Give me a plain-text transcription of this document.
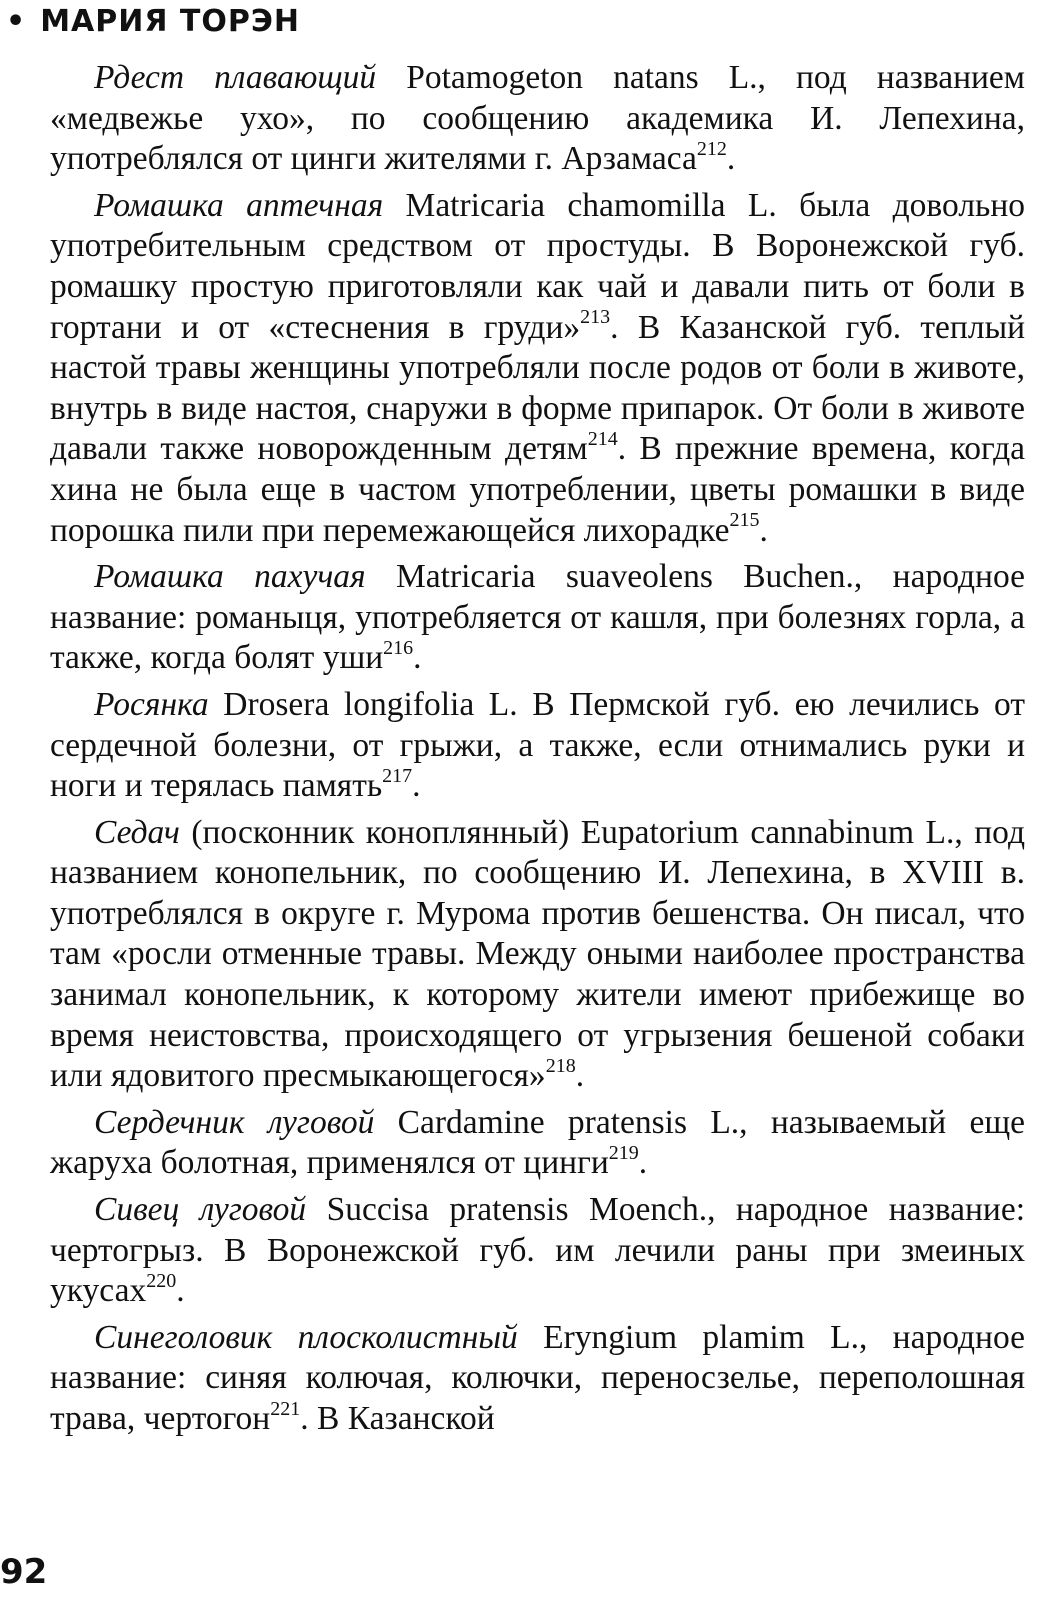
• МАРИЯ ТОРЭН

Рдест плавающий Potamogeton natans L., под названием «медвежье ухо», по сообщению академика И. Лепехина, употреблялся от цинги жителями г. Арзамаса$^{212}$.

Ромашка аптечная Matricaria chamomilla L. была довольно употребительным средством от простуды. В Воронежской губ. ромашку простую приготовляли как чай и давали пить от боли в гортани и от «стеснения в груди»$^{213}$. В Казанской губ. теплый настой травы женщины употребляли после родов от боли в животе, внутрь в виде настоя, снаружи в форме припарок. От боли в животе давали также новорожденным детям$^{214}$. В прежние времена, когда хина не была еще в частом употреблении, цветы ромашки в виде порошка пили при перемежающейся лихорадке$^{215}$.

Ромашка пахучая Matricaria suaveolens Buchen., народное название: романыця, употребляется от кашля, при болезнях горла, а также, когда болят уши$^{216}$.

Росянка Drosera longifolia L. В Пермской губ. ею лечились от сердечной болезни, от грыжи, а также, если отнимались руки и ноги и терялась память$^{217}$.

Седач (посконник коноплянный) Eupatorium cannabinum L., под названием конопельник, по сообщению И. Лепехина, в XVIII в. употреблялся в округе г. Мурома против бешенства. Он писал, что там «росли отменные травы. Между оными наиболее пространства занимал конопельник, к которому жители имеют прибежище во время неистовства, происходящего от угрызения бешеной собаки или ядовитого пресмыкающегося»$^{218}$.

Сердечник луговой Cardamine pratensis L., называемый еще жаруха болотная, применялся от цинги$^{219}$.

Сивец луговой Succisa pratensis Moench., народное название: чертогрыз. В Воронежской губ. им лечили раны при змеиных укусах$^{220}$.

Синеголовик плосколистный Eryngium plamim L., народное название: синяя колючая, колючки, переносзелье, переполошная трава, чертогон$^{221}$. В Казанской

92
